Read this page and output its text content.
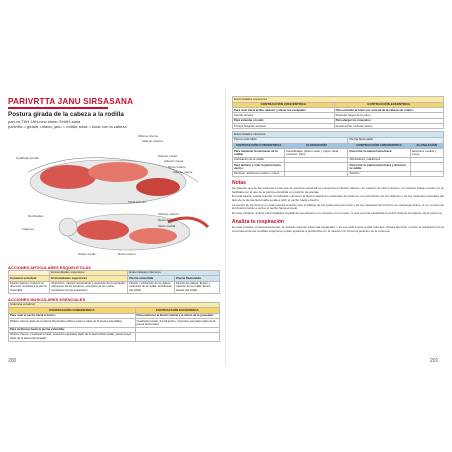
PARIVRTTA JANU SIRSASANA
Postura girada de la cabeza a la rodilla
pari-vri-TAH JAH-new sheer-SHAH-sana
parivrtta = girado, rotado; janu = rodilla; sirsa = tocar con la cabeza
Oblicuo interno
Oblicuo externo
Aductor medio
Aductor mayor
Recto interno
Aductor mayor
Cuadrado lumbar
Tibial anterior
Romboides
Trapecio
Oblicuo externo
Recto femoral
Vasto medial
Glúteo medio	Recto interno
ACCIONES ARTICULARES ESQUELÉTICAS
	Extremidades superiores	Extremidades inferiores	
Columna vertebral	Extremidades superiores	Pierna extendida	Pierna flexionada
Flexión lateral y rotación en dirección contraria a la pierna extendida	Abducción, rotación ascendente y elevación de la escápula; abducción de los hombros; extensión de los codos; supinación de los antebrazos	Flexión y abducción de la cadera, extensión de la rodilla, dorsiflexión del tobillo	Flexión de cadera, flexión y rotación de la rodilla; flexión plantar del tobillo
ACCIONES MUSCULARES ESENCIALES
Columna vertebral	
CONTRACCIÓN CONCÉNTRICA	CONTRACCIÓN EXCÉNTRICA
Para rotar el pecho hacia el techo:	Para mantener la flexión lateral y el efecto de la gravedad:
Oblicuo interno (lado de la pierna flexionada) oblicuo externo (lado de la pierna extendida)	Cuadrado lumbar, dorsal ancho, músculos espinales (lado de la pierna flexionada)
Para inclinarse hacia la pierna extendida:	
Oblicuo interno, cuadrado lumbar, músculos espinales (lado de la pierna flexionada), psoas mayor (lado de la pierna flexionada)	
200
Extremidades superiores	
CONTRACCIÓN CONCÉNTRICA	CONTRACCIÓN EXCÉNTRICA
Para rotar hacia arriba, abducir y elevar las escápulas:	Para extender el brazo por encima de la cabeza sin rotarlo:
Serrato anterior	Músculos largos de la mano
Para extender el codo:	Para alargar los músculos:
Tríceps braquial, ancóneo	Dorsal ancho, redondo mayor
Extremidades inferiores			
Pierna extendida		Pierna flexionada	
CONTRACCIÓN CONCÉNTRICA	ELONGACIÓN	CONTRACCIÓN CONCÉNTRICA	ELONGACIÓN
Para mantener la extensión de la rodilla:	Isquiotibiales, glúteo medio y mayor, tibial posterior, sóleo	Para rotar la cadera hacia fuera:	Aductores medios y mayor
Articulación de la rodilla		Obturadores, cuádriceps	
Para abducir y rotar la pierna hacia dentro:		Para rotar la cadera hacia fuera y flexionar la rodilla:	
Pectíneo, aductores medios y mayor		Sartorio	
Notas
Se trata de una de las posturas en las que la columna vertebral se encuentra en flexión lateral y en rotación al mismo tiempo. La rotación hacia el techo se ve facilitada por el uso de la pierna extendida en posición de anclaje.
En esta asana, puede resultar complicado mantener la flexión lateral sin redondear la columna. La contracción de los oblicuos y de los músculos espinales del lado de la pierna flexionada ayuda a abrir el pecho hacia el techo.
La acción de los brazos en esta postura requiere que el trabajo de los extensores del codo y de los rotadores del hombro se mantenga activo; si no, el peso de los brazos tiende a cerrar el pecho hacia el suelo.
En esta variante, ambas tuberosidades isquiáticas permanecen en contacto con el suelo, lo que permite estabilizar la pelvis durante la rotación de la columna.
Analiza tu respiración
En esta postura, consecuentemente, el costado superior está más expandido, y es ese lado el que recibe más aire. Presta atención a cómo la respiración de la zona lateral de las costillas superiores puede ayudarte a profundizar en la rotación sin forzar la posición de la columna.
201
